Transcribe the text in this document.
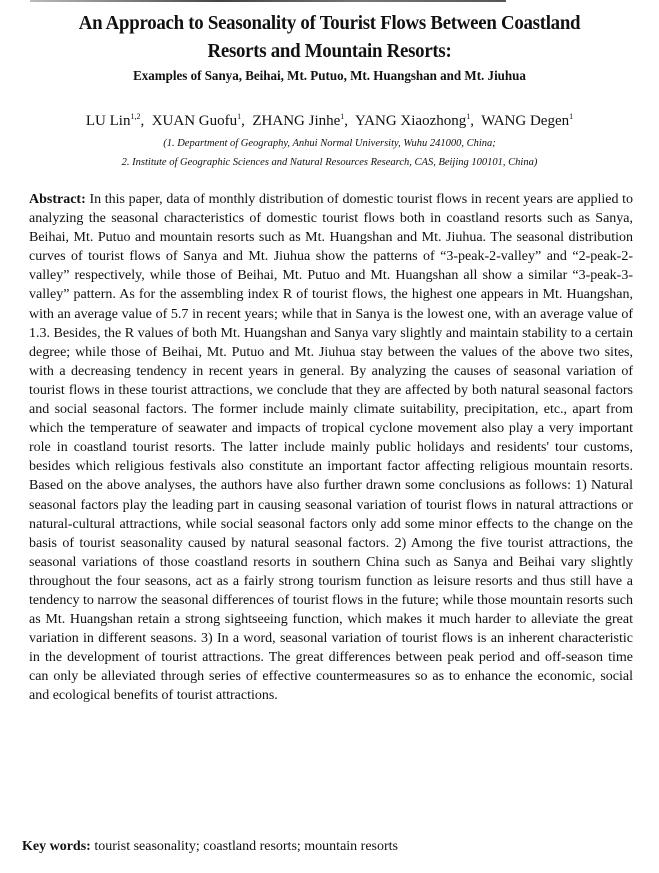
An Approach to Seasonality of Tourist Flows Between Coastland
Resorts and Mountain Resorts:
Examples of Sanya, Beihai, Mt. Putuo, Mt. Huangshan and Mt. Jiuhua
LU Lin$^{1,2}$,  XUAN Guofu$^1$,  ZHANG Jinhe$^1$,  YANG Xiaozhong$^1$,  WANG Degen$^1$
(1. Department of Geography, Anhui Normal University, Wuhu 241000, China;
2. Institute of Geographic Sciences and Natural Resources Research, CAS, Beijing 100101, China)
Abstract: In this paper, data of monthly distribution of domestic tourist flows in recent years are applied to analyzing the seasonal characteristics of domestic tourist flows both in coastland resorts such as Sanya, Beihai, Mt. Putuo and mountain resorts such as Mt. Huangshan and Mt. Jiuhua. The seasonal distribution curves of tourist flows of Sanya and Mt. Jiuhua show the patterns of “3-peak-2-valley” and “2-peak-2-valley” respectively, while those of Beihai, Mt. Putuo and Mt. Huangshan all show a similar “3-peak-3-valley” pattern. As for the assembling index R of tourist flows, the highest one appears in Mt. Huangshan, with an average value of 5.7 in recent years; while that in Sanya is the lowest one, with an average value of 1.3. Besides, the R values of both Mt. Huangshan and Sanya vary slightly and maintain stability to a certain degree; while those of Beihai, Mt. Putuo and Mt. Jiuhua stay between the values of the above two sites, with a decreasing tendency in recent years in general. By analyzing the causes of seasonal variation of tourist flows in these tourist attractions, we conclude that they are affected by both natural seasonal factors and social seasonal factors. The former include mainly climate suitability, precipitation, etc., apart from which the temperature of seawater and impacts of tropical cyclone movement also play a very important role in coastland tourist resorts. The latter include mainly public holidays and residents' tour customs, besides which religious festivals also constitute an important factor affecting religious mountain resorts. Based on the above analyses, the authors have also further drawn some conclusions as follows: 1) Natural seasonal factors play the leading part in causing seasonal variation of tourist flows in natural attractions or natural-cultural attractions, while social seasonal factors only add some minor effects to the change on the basis of tourist seasonality caused by natural seasonal factors. 2) Among the five tourist attractions, the seasonal variations of those coastland resorts in southern China such as Sanya and Beihai vary slightly throughout the four seasons, act as a fairly strong tourism function as leisure resorts and thus still have a tendency to narrow the seasonal differences of tourist flows in the future; while those mountain resorts such as Mt. Huangshan retain a strong sightseeing function, which makes it much harder to alleviate the great variation in different seasons. 3) In a word, seasonal variation of tourist flows is an inherent characteristic in the development of tourist attractions. The great differences between peak period and off-season time can only be alleviated through series of effective countermeasures so as to enhance the economic, social and ecological benefits of tourist attractions.
Key words: tourist seasonality; coastland resorts; mountain resorts
